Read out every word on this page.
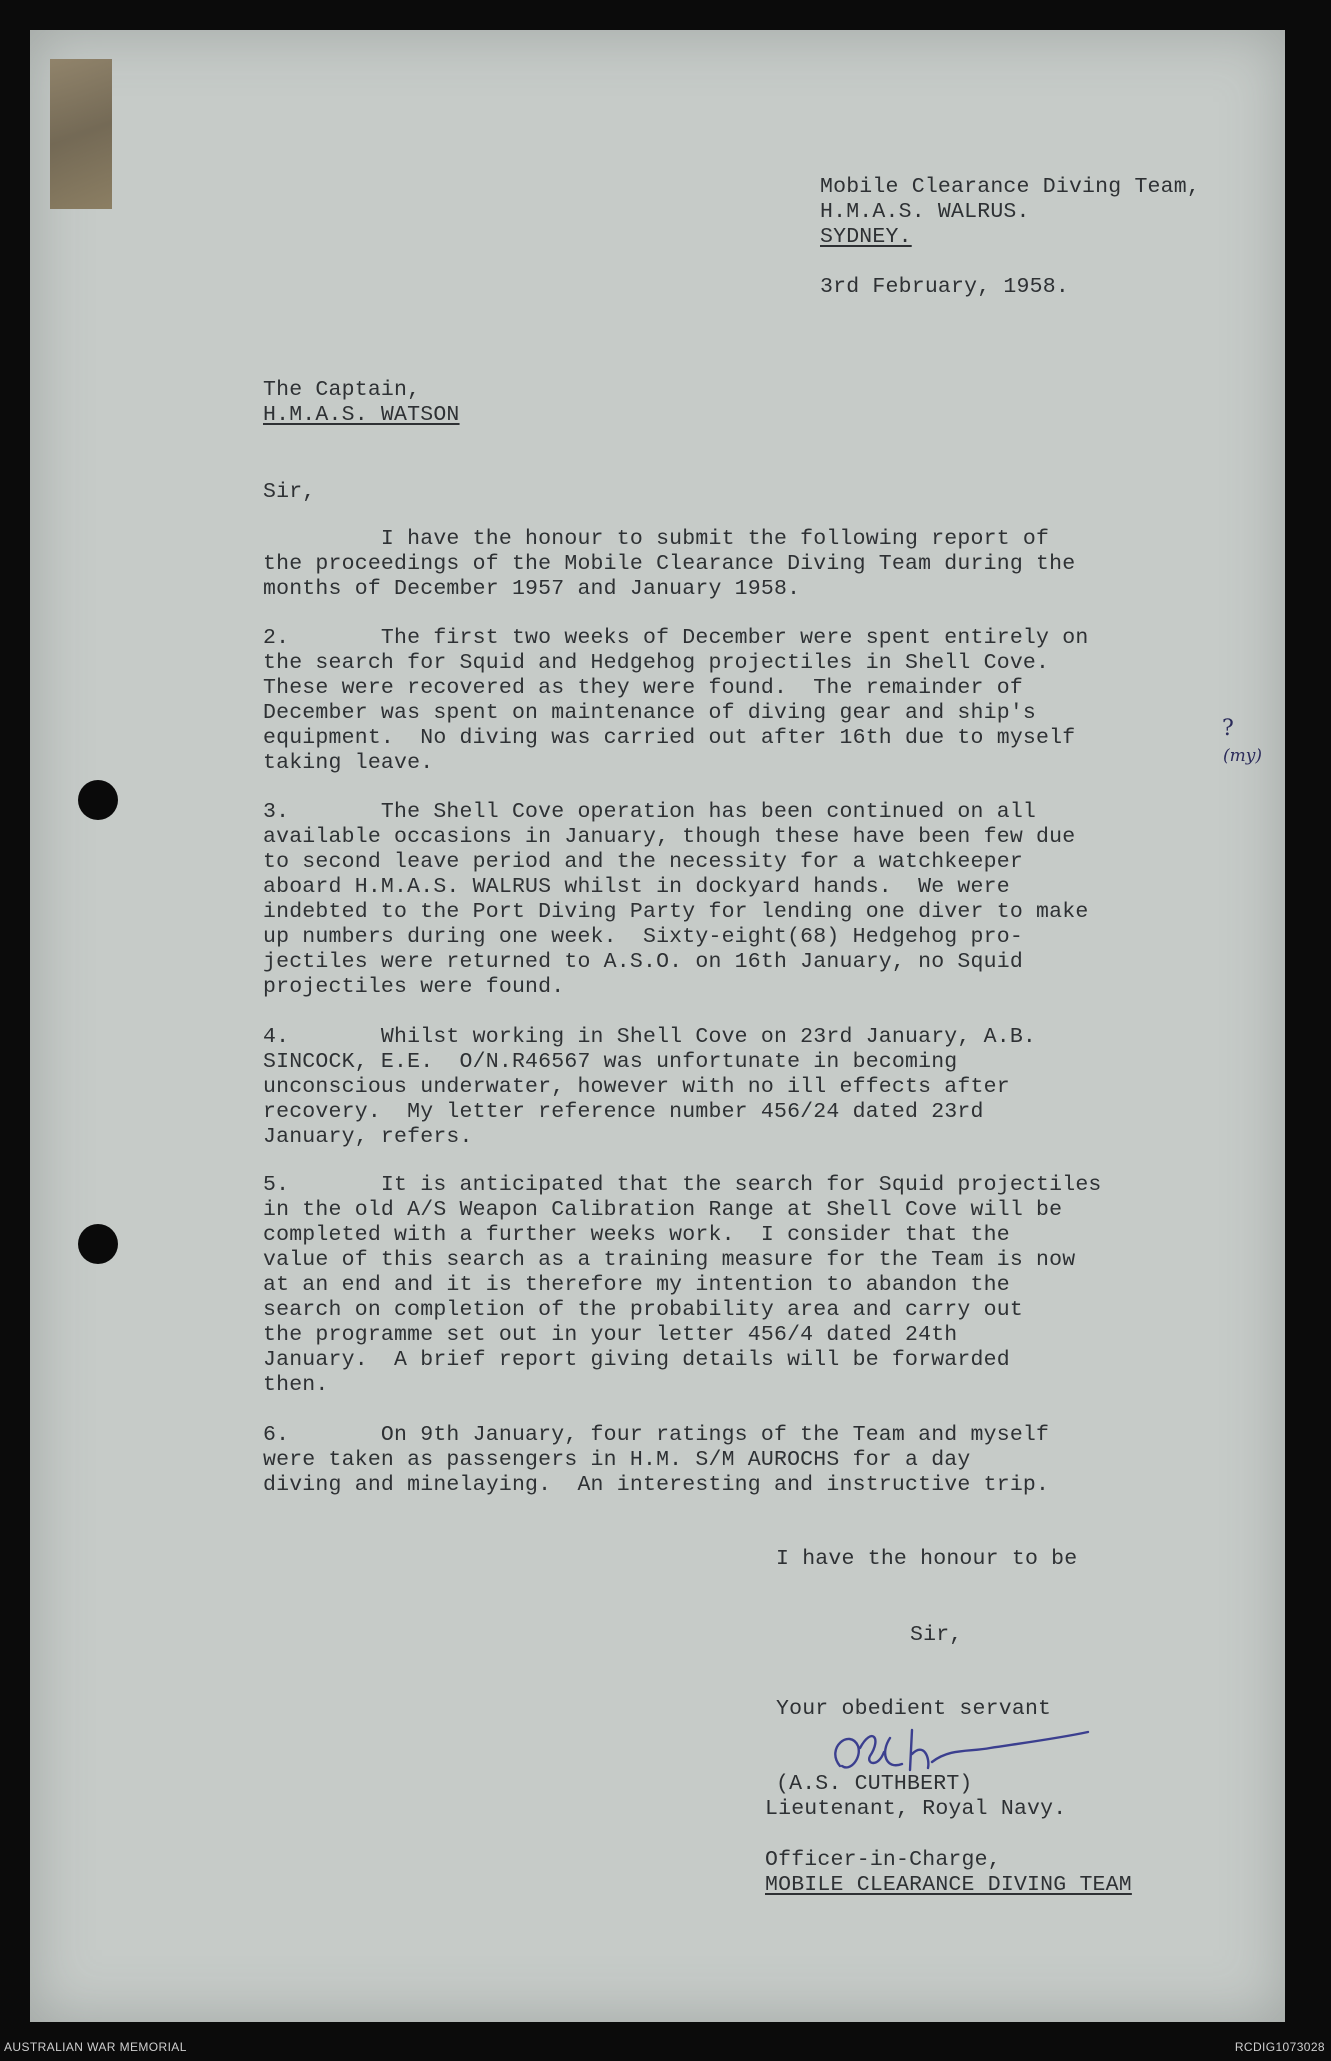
Mobile Clearance Diving Team,
H.M.A.S. WALRUS.
SYDNEY.
3rd February, 1958.
The Captain,
H.M.A.S. WATSON
Sir,
I have the honour to submit the following report of
the proceedings of the Mobile Clearance Diving Team during the
months of December 1957 and January 1958.
2.       The first two weeks of December were spent entirely on
the search for Squid and Hedgehog projectiles in Shell Cove.
These were recovered as they were found.  The remainder of
December was spent on maintenance of diving gear and ship's
equipment.  No diving was carried out after 16th due to myself
taking leave.
?
(my)
3.       The Shell Cove operation has been continued on all
available occasions in January, though these have been few due
to second leave period and the necessity for a watchkeeper
aboard H.M.A.S. WALRUS whilst in dockyard hands.  We were
indebted to the Port Diving Party for lending one diver to make
up numbers during one week.  Sixty-eight(68) Hedgehog pro-
jectiles were returned to A.S.O. on 16th January, no Squid
projectiles were found.
4.       Whilst working in Shell Cove on 23rd January, A.B.
SINCOCK, E.E.  O/N.R46567 was unfortunate in becoming
unconscious underwater, however with no ill effects after
recovery.  My letter reference number 456/24 dated 23rd
January, refers.
5.       It is anticipated that the search for Squid projectiles
in the old A/S Weapon Calibration Range at Shell Cove will be
completed with a further weeks work.  I consider that the
value of this search as a training measure for the Team is now
at an end and it is therefore my intention to abandon the
search on completion of the probability area and carry out
the programme set out in your letter 456/4 dated 24th
January.  A brief report giving details will be forwarded
then.
6.       On 9th January, four ratings of the Team and myself
were taken as passengers in H.M. S/M AUROCHS for a day
diving and minelaying.  An interesting and instructive trip.
I have the honour to be
Sir,
Your obedient servant
(A.S. CUTHBERT)
Lieutenant, Royal Navy.
Officer-in-Charge,
MOBILE CLEARANCE DIVING TEAM
AUSTRALIAN WAR MEMORIAL	RCDIG1073028
